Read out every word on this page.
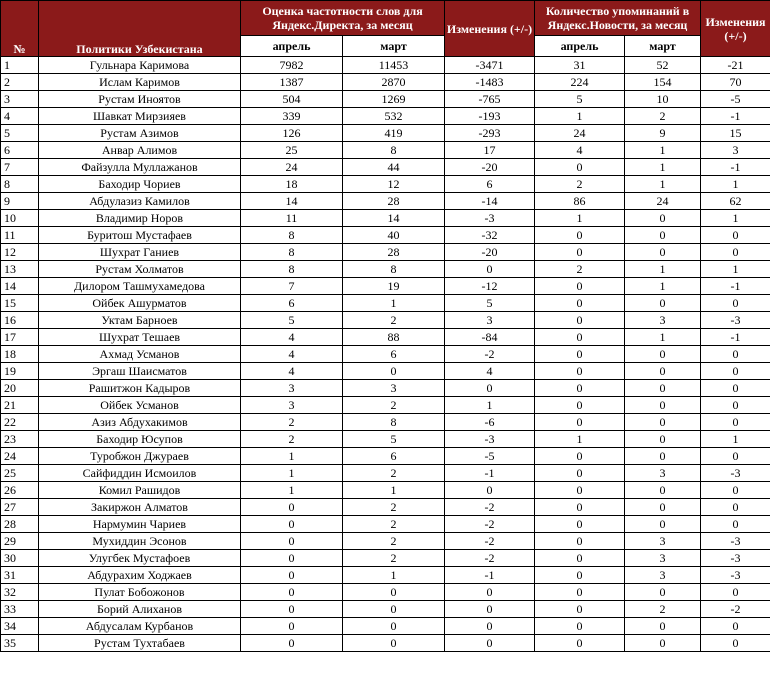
№	Политики Узбекистана	Оценка частотности слов для Яндекс.Директа, за месяц		Изменения (+/-)	Количество упоминаний в Яндекс.Новости, за месяц		Изменения (+/-)
		апрель	март		апрель	март	
1	Гульнара Каримова	7982	11453	-3471	31	52	-21
2	Ислам Каримов	1387	2870	-1483	224	154	70
3	Рустам Иноятов	504	1269	-765	5	10	-5
4	Шавкат Мирзияев	339	532	-193	1	2	-1
5	Рустам Азимов	126	419	-293	24	9	15
6	Анвар Алимов	25	8	17	4	1	3
7	Файзулла Муллажанов	24	44	-20	0	1	-1
8	Баходир Чориев	18	12	6	2	1	1
9	Абдулазиз Камилов	14	28	-14	86	24	62
10	Владимир Норов	11	14	-3	1	0	1
11	Буритош Мустафаев	8	40	-32	0	0	0
12	Шухрат Ганиев	8	28	-20	0	0	0
13	Рустам Холматов	8	8	0	2	1	1
14	Дилором Ташмухамедова	7	19	-12	0	1	-1
15	Ойбек Ашурматов	6	1	5	0	0	0
16	Уктам Барноев	5	2	3	0	3	-3
17	Шухрат Тешаев	4	88	-84	0	1	-1
18	Ахмад Усманов	4	6	-2	0	0	0
19	Эргаш Шаисматов	4	0	4	0	0	0
20	Рашитжон Кадыров	3	3	0	0	0	0
21	Ойбек Усманов	3	2	1	0	0	0
22	Азиз Абдухакимов	2	8	-6	0	0	0
23	Баходир Юсупов	2	5	-3	1	0	1
24	Туробжон Джураев	1	6	-5	0	0	0
25	Сайфиддин Исмоилов	1	2	-1	0	3	-3
26	Комил Рашидов	1	1	0	0	0	0
27	Закиржон Алматов	0	2	-2	0	0	0
28	Нармумин Чариев	0	2	-2	0	0	0
29	Мухиддин Эсонов	0	2	-2	0	3	-3
30	Улугбек Мустафоев	0	2	-2	0	3	-3
31	Абдурахим Ходжаев	0	1	-1	0	3	-3
32	Пулат Бобожонов	0	0	0	0	0	0
33	Борий Алиханов	0	0	0	0	2	-2
34	Абдусалам Курбанов	0	0	0	0	0	0
35	Рустам Тухтабаев	0	0	0	0	0	0
